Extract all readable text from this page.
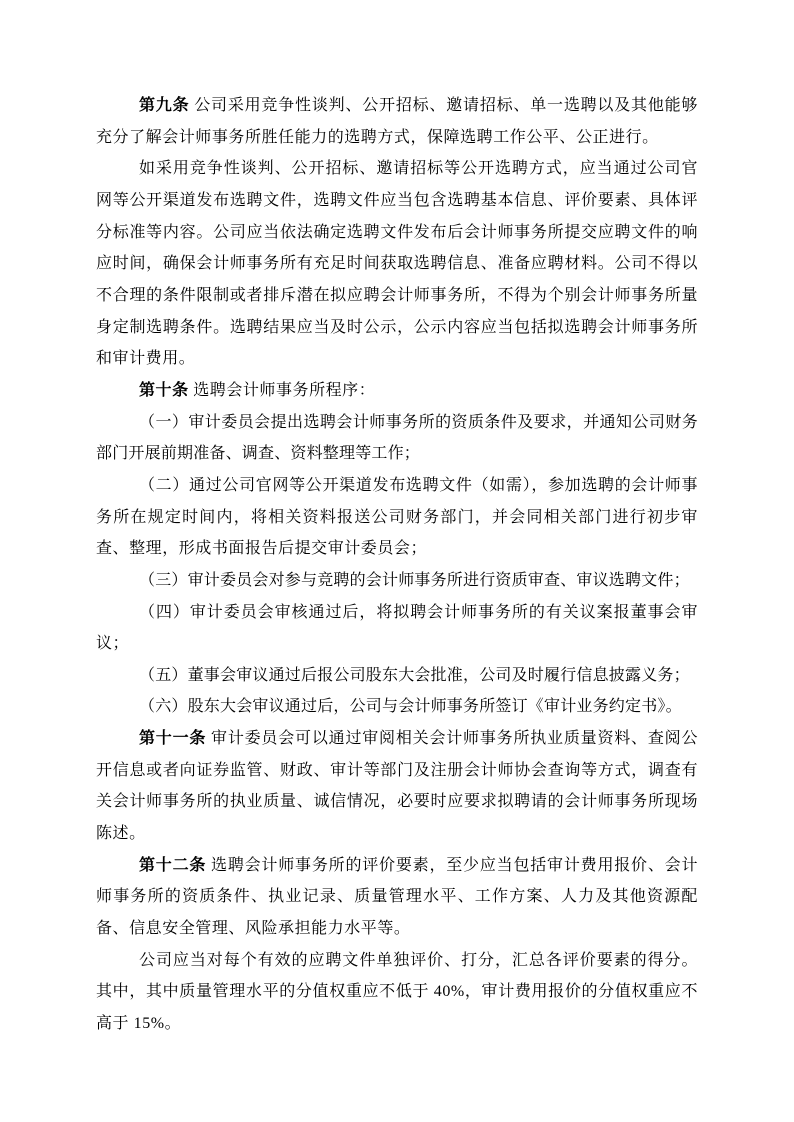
第九条 公司采用竞争性谈判、公开招标、邀请招标、单一选聘以及其他能够充分了解会计师事务所胜任能力的选聘方式，保障选聘工作公平、公正进行。

如采用竞争性谈判、公开招标、邀请招标等公开选聘方式，应当通过公司官网等公开渠道发布选聘文件，选聘文件应当包含选聘基本信息、评价要素、具体评分标准等内容。公司应当依法确定选聘文件发布后会计师事务所提交应聘文件的响应时间，确保会计师事务所有充足时间获取选聘信息、准备应聘材料。公司不得以不合理的条件限制或者排斥潜在拟应聘会计师事务所，不得为个别会计师事务所量身定制选聘条件。选聘结果应当及时公示，公示内容应当包括拟选聘会计师事务所和审计费用。

第十条 选聘会计师事务所程序：

（一）审计委员会提出选聘会计师事务所的资质条件及要求，并通知公司财务部门开展前期准备、调查、资料整理等工作；

（二）通过公司官网等公开渠道发布选聘文件（如需），参加选聘的会计师事务所在规定时间内，将相关资料报送公司财务部门，并会同相关部门进行初步审查、整理，形成书面报告后提交审计委员会；

（三）审计委员会对参与竞聘的会计师事务所进行资质审查、审议选聘文件；

（四）审计委员会审核通过后，将拟聘会计师事务所的有关议案报董事会审议；

（五）董事会审议通过后报公司股东大会批准，公司及时履行信息披露义务；

（六）股东大会审议通过后，公司与会计师事务所签订《审计业务约定书》。

第十一条 审计委员会可以通过审阅相关会计师事务所执业质量资料、查阅公开信息或者向证券监管、财政、审计等部门及注册会计师协会查询等方式，调查有关会计师事务所的执业质量、诚信情况，必要时应要求拟聘请的会计师事务所现场陈述。

第十二条 选聘会计师事务所的评价要素，至少应当包括审计费用报价、会计师事务所的资质条件、执业记录、质量管理水平、工作方案、人力及其他资源配备、信息安全管理、风险承担能力水平等。

公司应当对每个有效的应聘文件单独评价、打分，汇总各评价要素的得分。其中，其中质量管理水平的分值权重应不低于 40%，审计费用报价的分值权重应不高于 15%。
